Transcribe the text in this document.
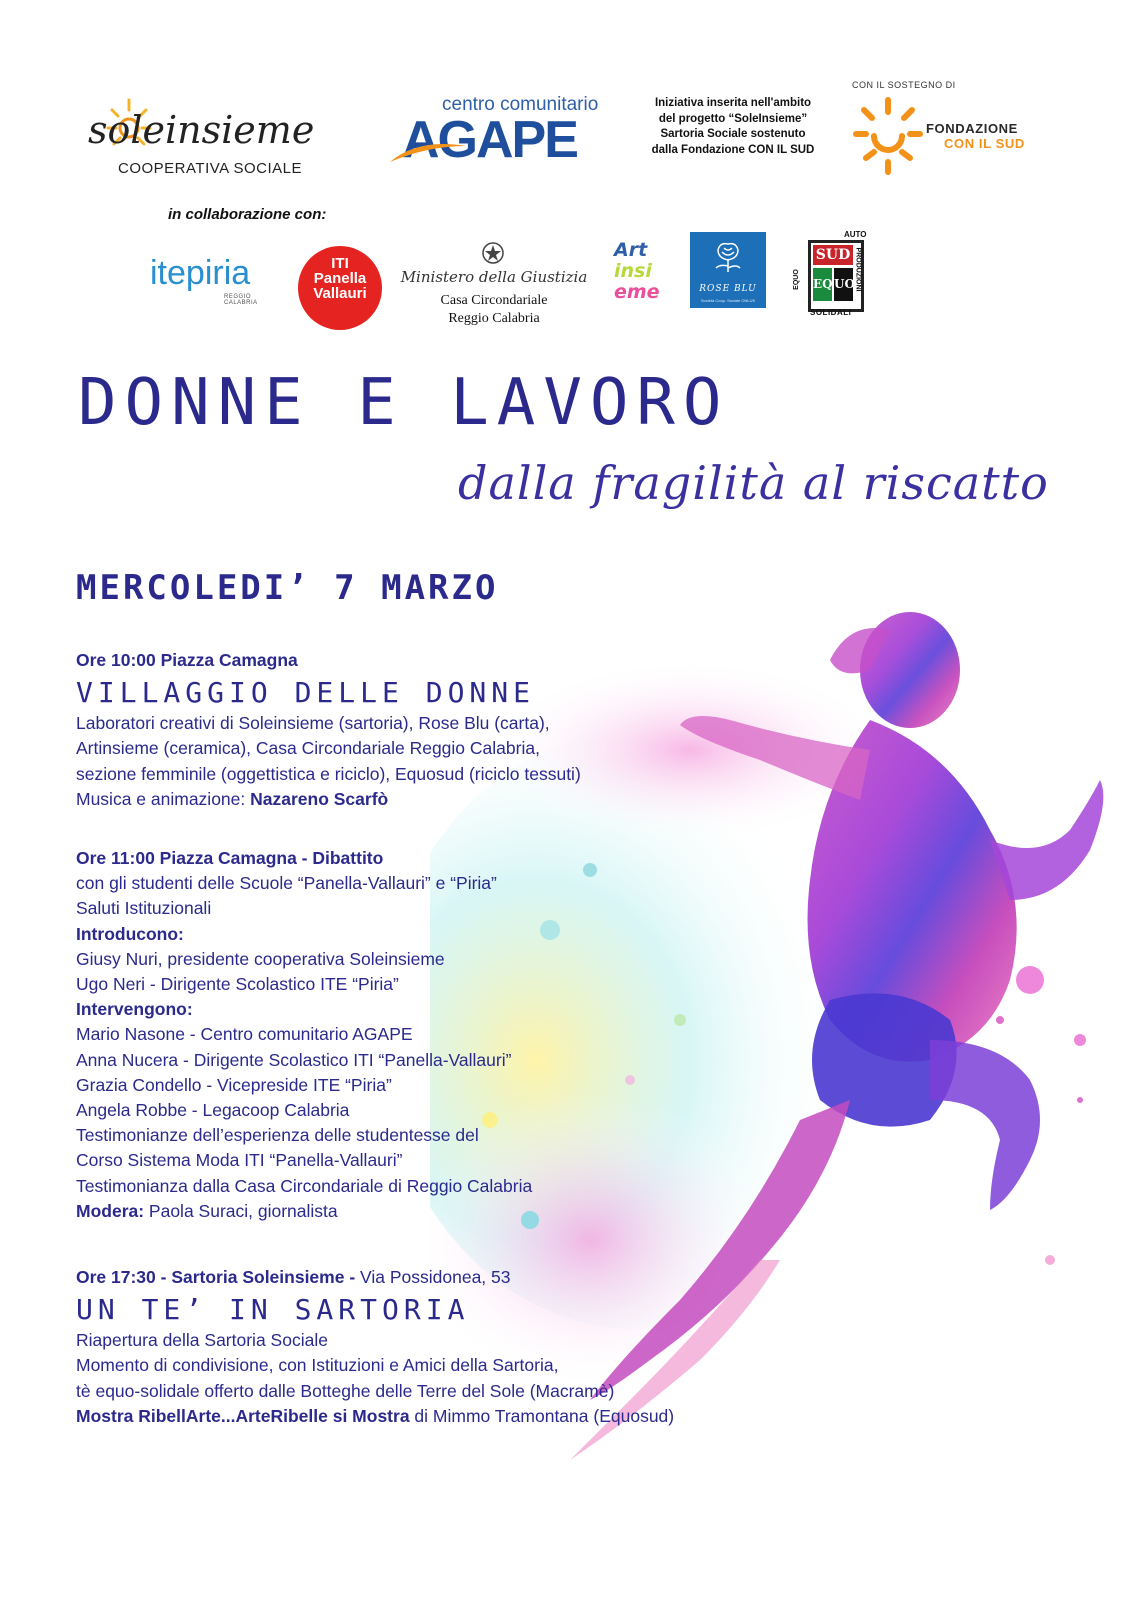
soleinsieme
COOPERATIVA SOCIALE
centro comunitario
AGAPE
Iniziativa inserita nell'ambito
del progetto “SoleInsieme”
Sartoria Sociale sostenuto
dalla Fondazione CON IL SUD
CON IL SOSTEGNO DI
FONDAZIONE
CON IL SUD
in collaborazione con:
itepiria
REGGIO CALABRIA
ITI
Panella
Vallauri
Ministero della Giustizia
Casa Circondariale
Reggio Calabria
Art
insi
eme	ROSE BLU
Società Coop. Sociale ONLUS
SUD
EQ UO
AUTO
SOLIDALI
PRODUZIONI
EQUO
DONNE E LAVORO
dalla fragilità al riscatto
MERCOLEDI’ 7 MARZO
Ore 10:00 Piazza Camagna
VILLAGGIO DELLE DONNE
Laboratori creativi di Soleinsieme (sartoria), Rose Blu (carta),
Artinsieme (ceramica), Casa Circondariale Reggio Calabria,
sezione femminile (oggettistica e riciclo), Equosud (riciclo tessuti)
Musica e animazione: Nazareno Scarfò
Ore 11:00 Piazza Camagna - Dibattito
con gli studenti delle Scuole “Panella-Vallauri” e “Piria”
Saluti Istituzionali
Introducono:
Giusy Nuri, presidente cooperativa Soleinsieme
Ugo Neri - Dirigente Scolastico ITE “Piria”
Intervengono:
Mario Nasone - Centro comunitario AGAPE
Anna Nucera - Dirigente Scolastico ITI “Panella-Vallauri”
Grazia Condello - Vicepreside ITE “Piria”
Angela Robbe - Legacoop Calabria
Testimonianze dell’esperienza delle studentesse del
Corso Sistema Moda ITI “Panella-Vallauri”
Testimonianza dalla Casa Circondariale di Reggio Calabria
Modera: Paola Suraci, giornalista
Ore 17:30 - Sartoria Soleinsieme - Via Possidonea, 53
UN TE’ IN SARTORIA
Riapertura della Sartoria Sociale
Momento di condivisione, con Istituzioni e Amici della Sartoria,
tè equo-solidale offerto dalle Botteghe delle Terre del Sole (Macramè)
Mostra RibellArte...ArteRibelle si Mostra di Mimmo Tramontana (Equosud)
